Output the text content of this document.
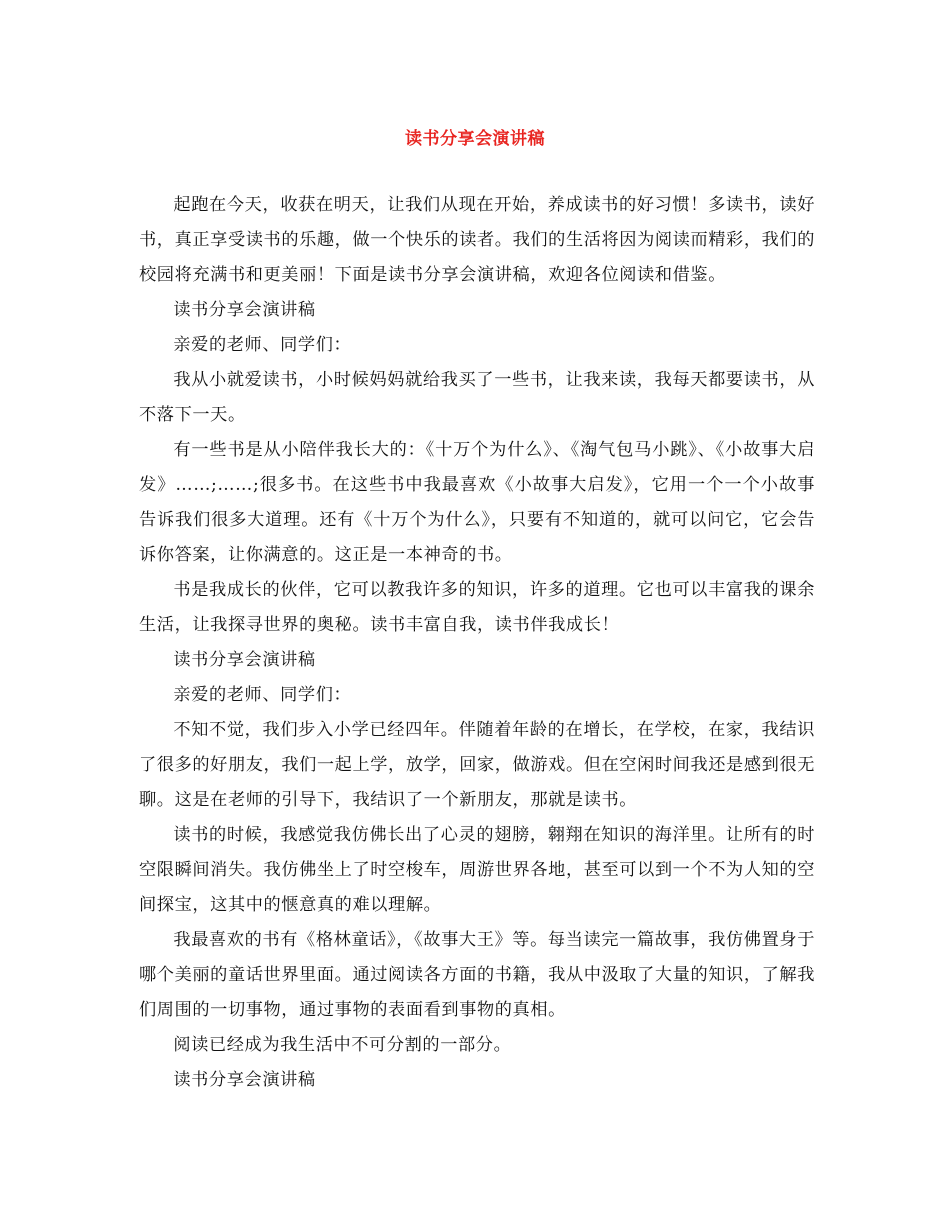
读书分享会演讲稿

起跑在今天，收获在明天，让我们从现在开始，养成读书的好习惯！多读书，读好书，真正享受读书的乐趣，做一个快乐的读者。我们的生活将因为阅读而精彩，我们的校园将充满书和更美丽！下面是读书分享会演讲稿，欢迎各位阅读和借鉴。

读书分享会演讲稿

亲爱的老师、同学们：

我从小就爱读书，小时候妈妈就给我买了一些书，让我来读，我每天都要读书，从不落下一天。

有一些书是从小陪伴我长大的：《十万个为什么》、《淘气包马小跳》、《小故事大启发》……;……;很多书。在这些书中我最喜欢《小故事大启发》，它用一个一个小故事告诉我们很多大道理。还有《十万个为什么》，只要有不知道的，就可以问它，它会告诉你答案，让你满意的。这正是一本神奇的书。

书是我成长的伙伴，它可以教我许多的知识，许多的道理。它也可以丰富我的课余生活，让我探寻世界的奥秘。读书丰富自我，读书伴我成长！

读书分享会演讲稿

亲爱的老师、同学们：

不知不觉，我们步入小学已经四年。伴随着年龄的在增长，在学校，在家，我结识了很多的好朋友，我们一起上学，放学，回家，做游戏。但在空闲时间我还是感到很无聊。这是在老师的引导下，我结识了一个新朋友，那就是读书。

读书的时候，我感觉我仿佛长出了心灵的翅膀，翱翔在知识的海洋里。让所有的时空限瞬间消失。我仿佛坐上了时空梭车，周游世界各地，甚至可以到一个不为人知的空间探宝，这其中的惬意真的难以理解。

我最喜欢的书有《格林童话》，《故事大王》等。每当读完一篇故事，我仿佛置身于哪个美丽的童话世界里面。通过阅读各方面的书籍，我从中汲取了大量的知识，了解我们周围的一切事物，通过事物的表面看到事物的真相。

阅读已经成为我生活中不可分割的一部分。

读书分享会演讲稿
